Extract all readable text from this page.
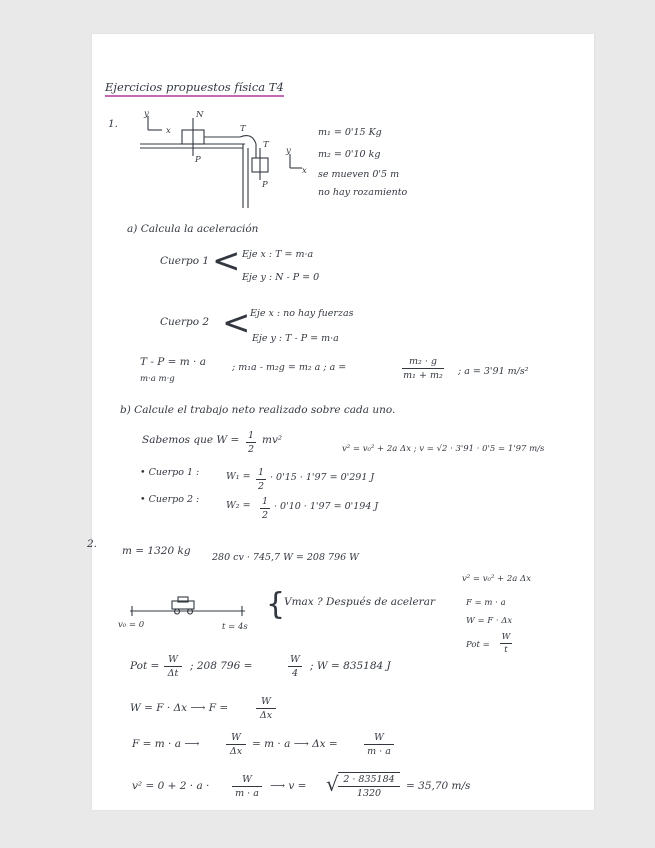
Ejercicios propuestos física T4
1.
y
x
N
T
T
P
P
y
x
m₁ = 0'15 Kg
m₂ = 0'10 kg
se mueven 0'5 m
no hay rozamiento
a) Calcula la aceleración
Cuerpo 1 < Eje x : T = m·a
Eje y : N - P = 0
Cuerpo 2 < Eje x : no hay fuerzas
Eje y : T - P = m·a
T - P = m · a
m·a m·g
; m₁a - m₂g = m₂ a ; a =
m₂ · g
m₁ + m₂ ; a = 3'91 m/s²
b) Calcule el trabajo neto realizado sobre cada uno.
Sabemos que W = 1
2
mv²
v² = v₀² + 2a Δx ; v = √2 · 3'91 · 0'5 = 1'97 m/s
• Cuerpo 1 :	W₁ = 1
2
· 0'15 · 1'97 = 0'291 J
• Cuerpo 2 :
W₂ = 1
2
· 0'10 · 1'97 = 0'194 J
2.
m = 1320 kg
280 cv · 745,7 W = 208 796 W
v² = v₀² + 2a Δx
F = m · a
W = F · Δx
Pot =
W
t
v₀ = 0	t = 4s
{
Vmax ? Después de acelerar
Pot =
W
Δt
; 208 796 =
W
4
; W = 835184 J
W = F · Δx ⟶ F =
W
Δx
F = m · a ⟶
W
Δx
= m · a ⟶ Δx =
W
m · a
v² = 0 + 2 · a ·
W
m · a
⟶ v = √ 2 · 835184
1320
= 35,70 m/s
